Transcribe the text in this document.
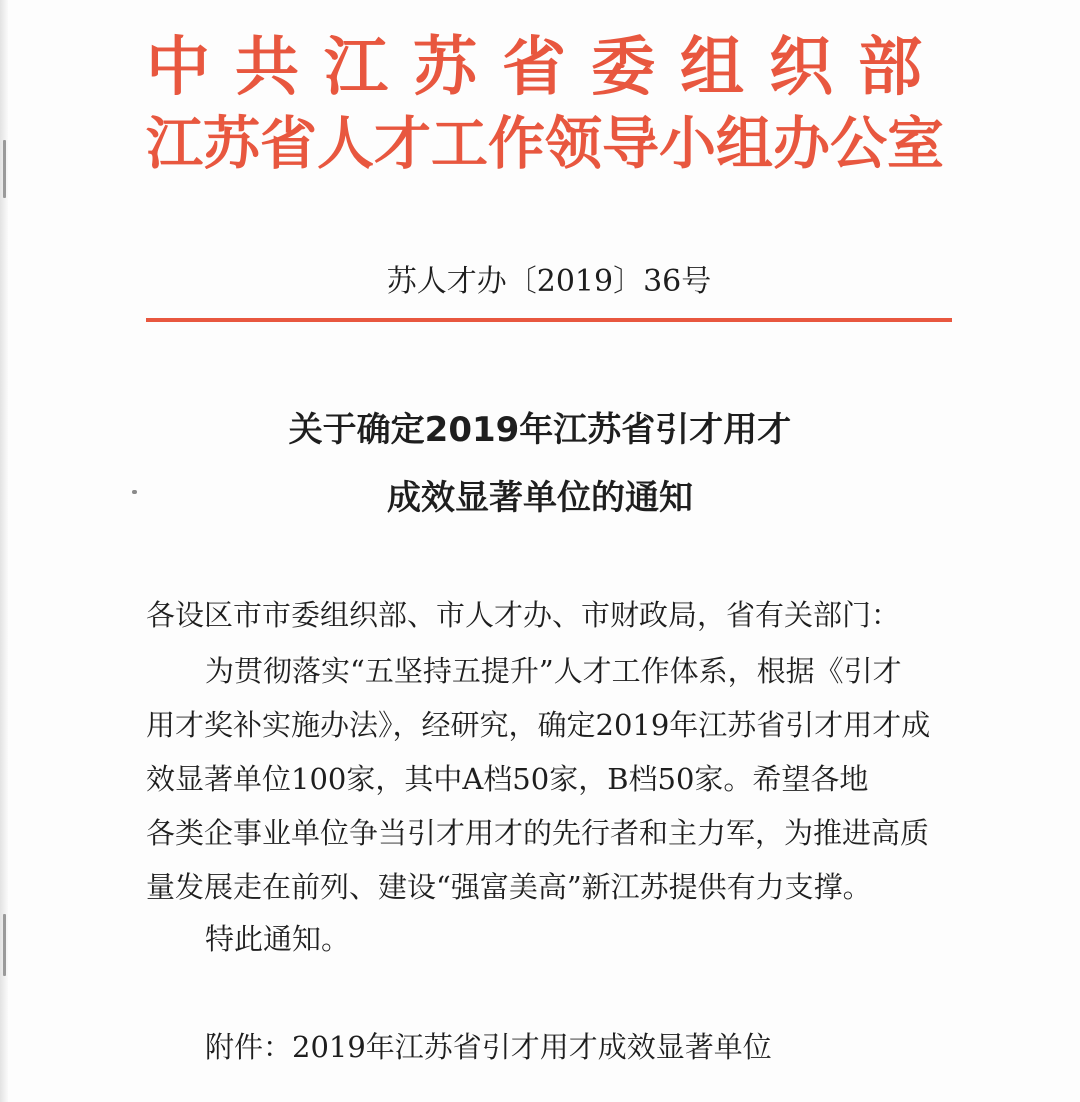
中共江苏省委组织部
江苏省人才工作领导小组办公室
苏人才办〔2019〕36号
关于确定2019年江苏省引才用才
成效显著单位的通知

各设区市市委组织部、市人才办、市财政局，省有关部门：

为贯彻落实“五坚持五提升”人才工作体系，根据《引才

用才奖补实施办法》，经研究，确定2019年江苏省引才用才成

效显著单位100家，其中A档50家，B档50家。希望各地

各类企事业单位争当引才用才的先行者和主力军，为推进高质

量发展走在前列、建设“强富美高”新江苏提供有力支撑。

特此通知。

附件：2019年江苏省引才用才成效显著单位
